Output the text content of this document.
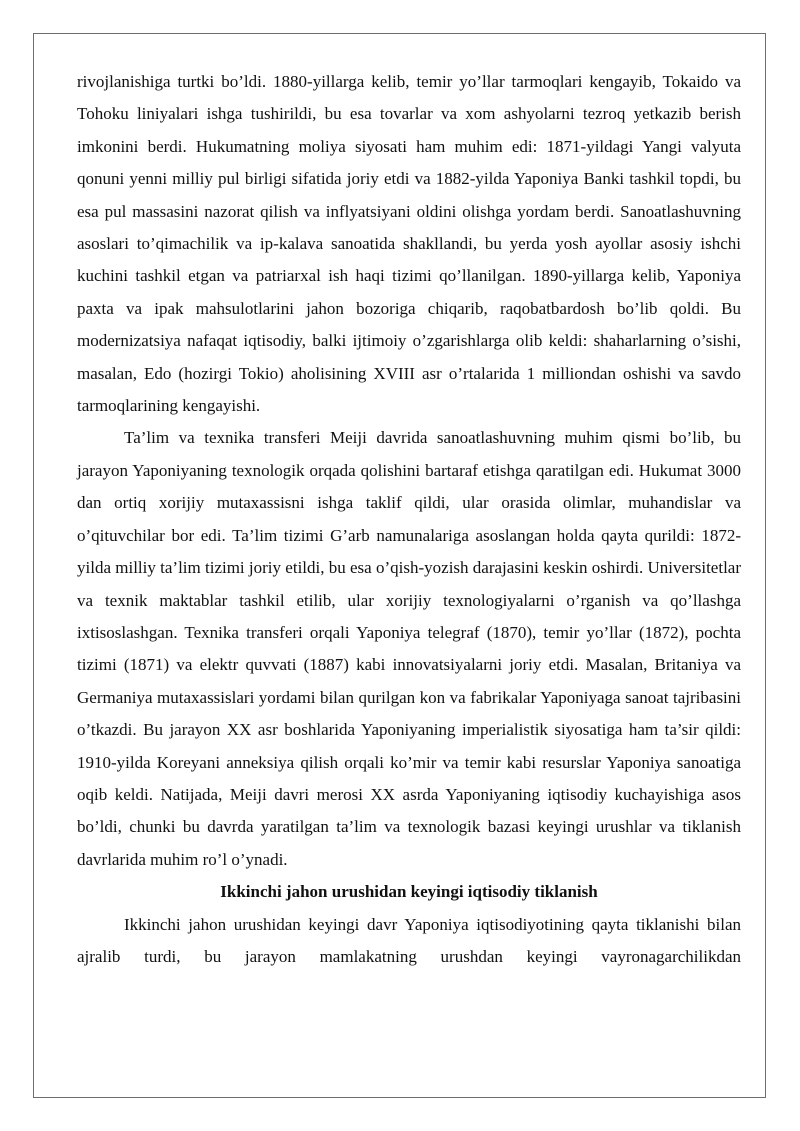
rivojlanishiga turtki bo’ldi. 1880-yillarga kelib, temir yo’llar tarmoqlari kengayib, Tokaido va Tohoku liniyalari ishga tushirildi, bu esa tovarlar va xom ashyolarni tezroq yetkazib berish imkonini berdi. Hukumatning moliya siyosati ham muhim edi: 1871-yildagi Yangi valyuta qonuni yenni milliy pul birligi sifatida joriy etdi va 1882-yilda Yaponiya Banki tashkil topdi, bu esa pul massasini nazorat qilish va inflyatsiyani oldini olishga yordam berdi. Sanoatlashuvning asoslari to’qimachilik va ip-kalava sanoatida shakllandi, bu yerda yosh ayollar asosiy ishchi kuchini tashkil etgan va patriarxal ish haqi tizimi qo’llanilgan. 1890-yillarga kelib, Yaponiya paxta va ipak mahsulotlarini jahon bozoriga chiqarib, raqobatbardosh bo’lib qoldi. Bu modernizatsiya nafaqat iqtisodiy, balki ijtimoiy o’zgarishlarga olib keldi: shaharlarning o’sishi, masalan, Edo (hozirgi Tokio) aholisining XVIII asr o’rtalarida 1 milliondan oshishi va savdo tarmoqlarining kengayishi.

Ta’lim va texnika transferi Meiji davrida sanoatlashuvning muhim qismi bo’lib, bu jarayon Yaponiyaning texnologik orqada qolishini bartaraf etishga qaratilgan edi. Hukumat 3000 dan ortiq xorijiy mutaxassisni ishga taklif qildi, ular orasida olimlar, muhandislar va o’qituvchilar bor edi. Ta’lim tizimi G’arb namunalariga asoslangan holda qayta qurildi: 1872-yilda milliy ta’lim tizimi joriy etildi, bu esa o’qish-yozish darajasini keskin oshirdi. Universitetlar va texnik maktablar tashkil etilib, ular xorijiy texnologiyalarni o’rganish va qo’llashga ixtisoslashgan. Texnika transferi orqali Yaponiya telegraf (1870), temir yo’llar (1872), pochta tizimi (1871) va elektr quvvati (1887) kabi innovatsiyalarni joriy etdi. Masalan, Britaniya va Germaniya mutaxassislari yordami bilan qurilgan kon va fabrikalar Yaponiyaga sanoat tajribasini o’tkazdi. Bu jarayon XX asr boshlarida Yaponiyaning imperialistik siyosatiga ham ta’sir qildi: 1910-yilda Koreyani anneksiya qilish orqali ko’mir va temir kabi resurslar Yaponiya sanoatiga oqib keldi. Natijada, Meiji davri merosi XX asrda Yaponiyaning iqtisodiy kuchayishiga asos bo’ldi, chunki bu davrda yaratilgan ta’lim va texnologik bazasi keyingi urushlar va tiklanish davrlarida muhim ro’l o’ynadi.

Ikkinchi jahon urushidan keyingi iqtisodiy tiklanish

Ikkinchi jahon urushidan keyingi davr Yaponiya iqtisodiyotining qayta tiklanishi bilan ajralib turdi, bu jarayon mamlakatning urushdan keyingi vayronagarchilikdan
